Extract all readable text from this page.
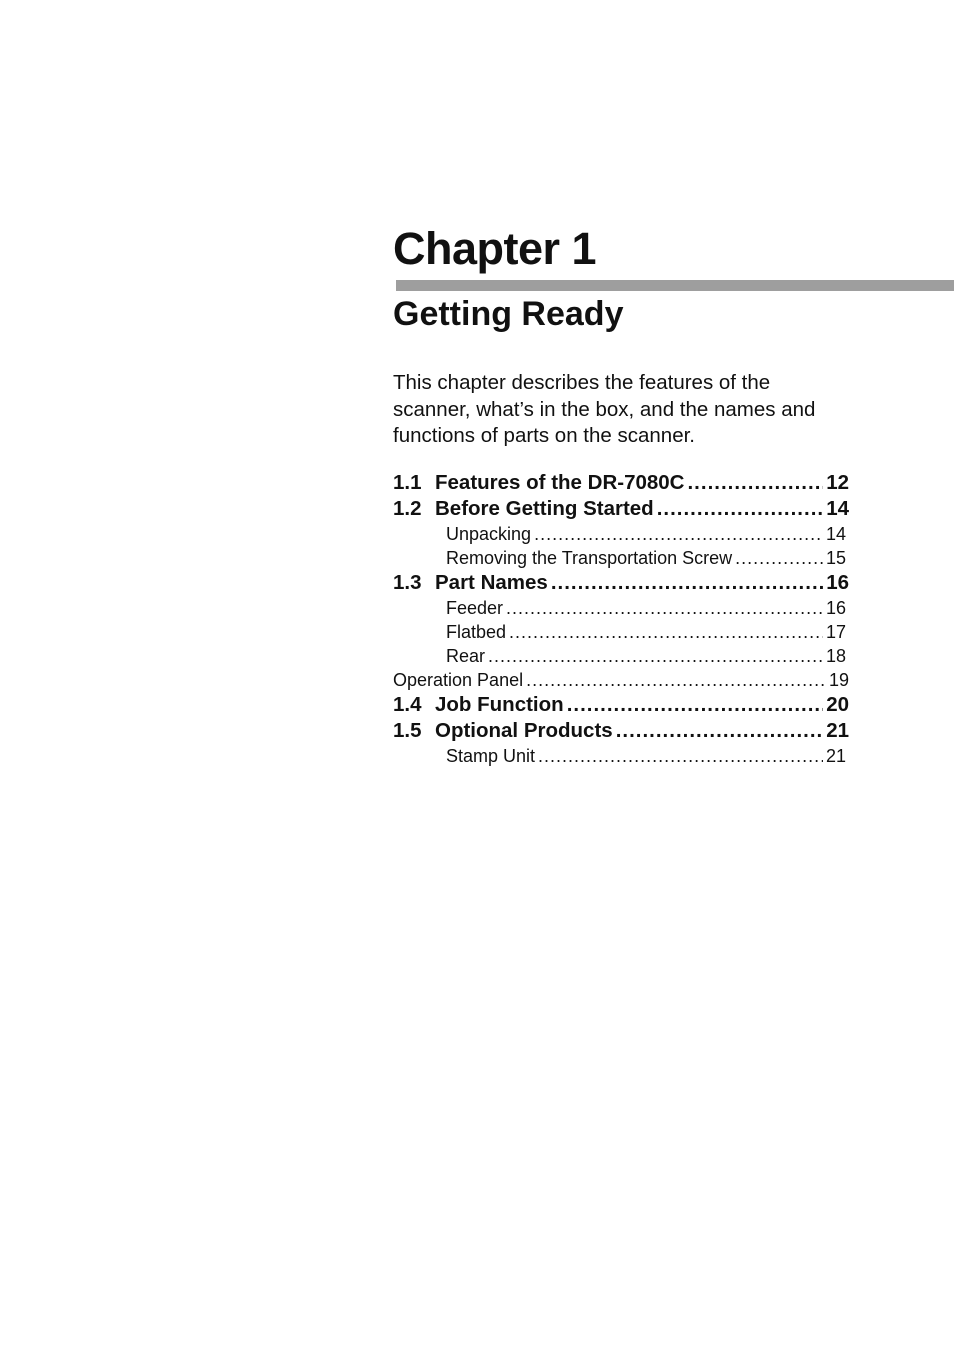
Chapter 1
Getting Ready

This chapter describes the features of the
scanner, what’s in the box, and the names and
functions of parts on the scanner.

1.1 Features of the DR-7080C .....	12
1.2 Before Getting Started .....	14
Unpacking .....	14
Removing the Transportation Screw .....	15
1.3 Part Names .....	16
Feeder .....	16
Flatbed .....	17
Rear .....	18
Operation Panel .....	19
1.4 Job Function .....	20
1.5 Optional Products .....	21
Stamp Unit .....	21
